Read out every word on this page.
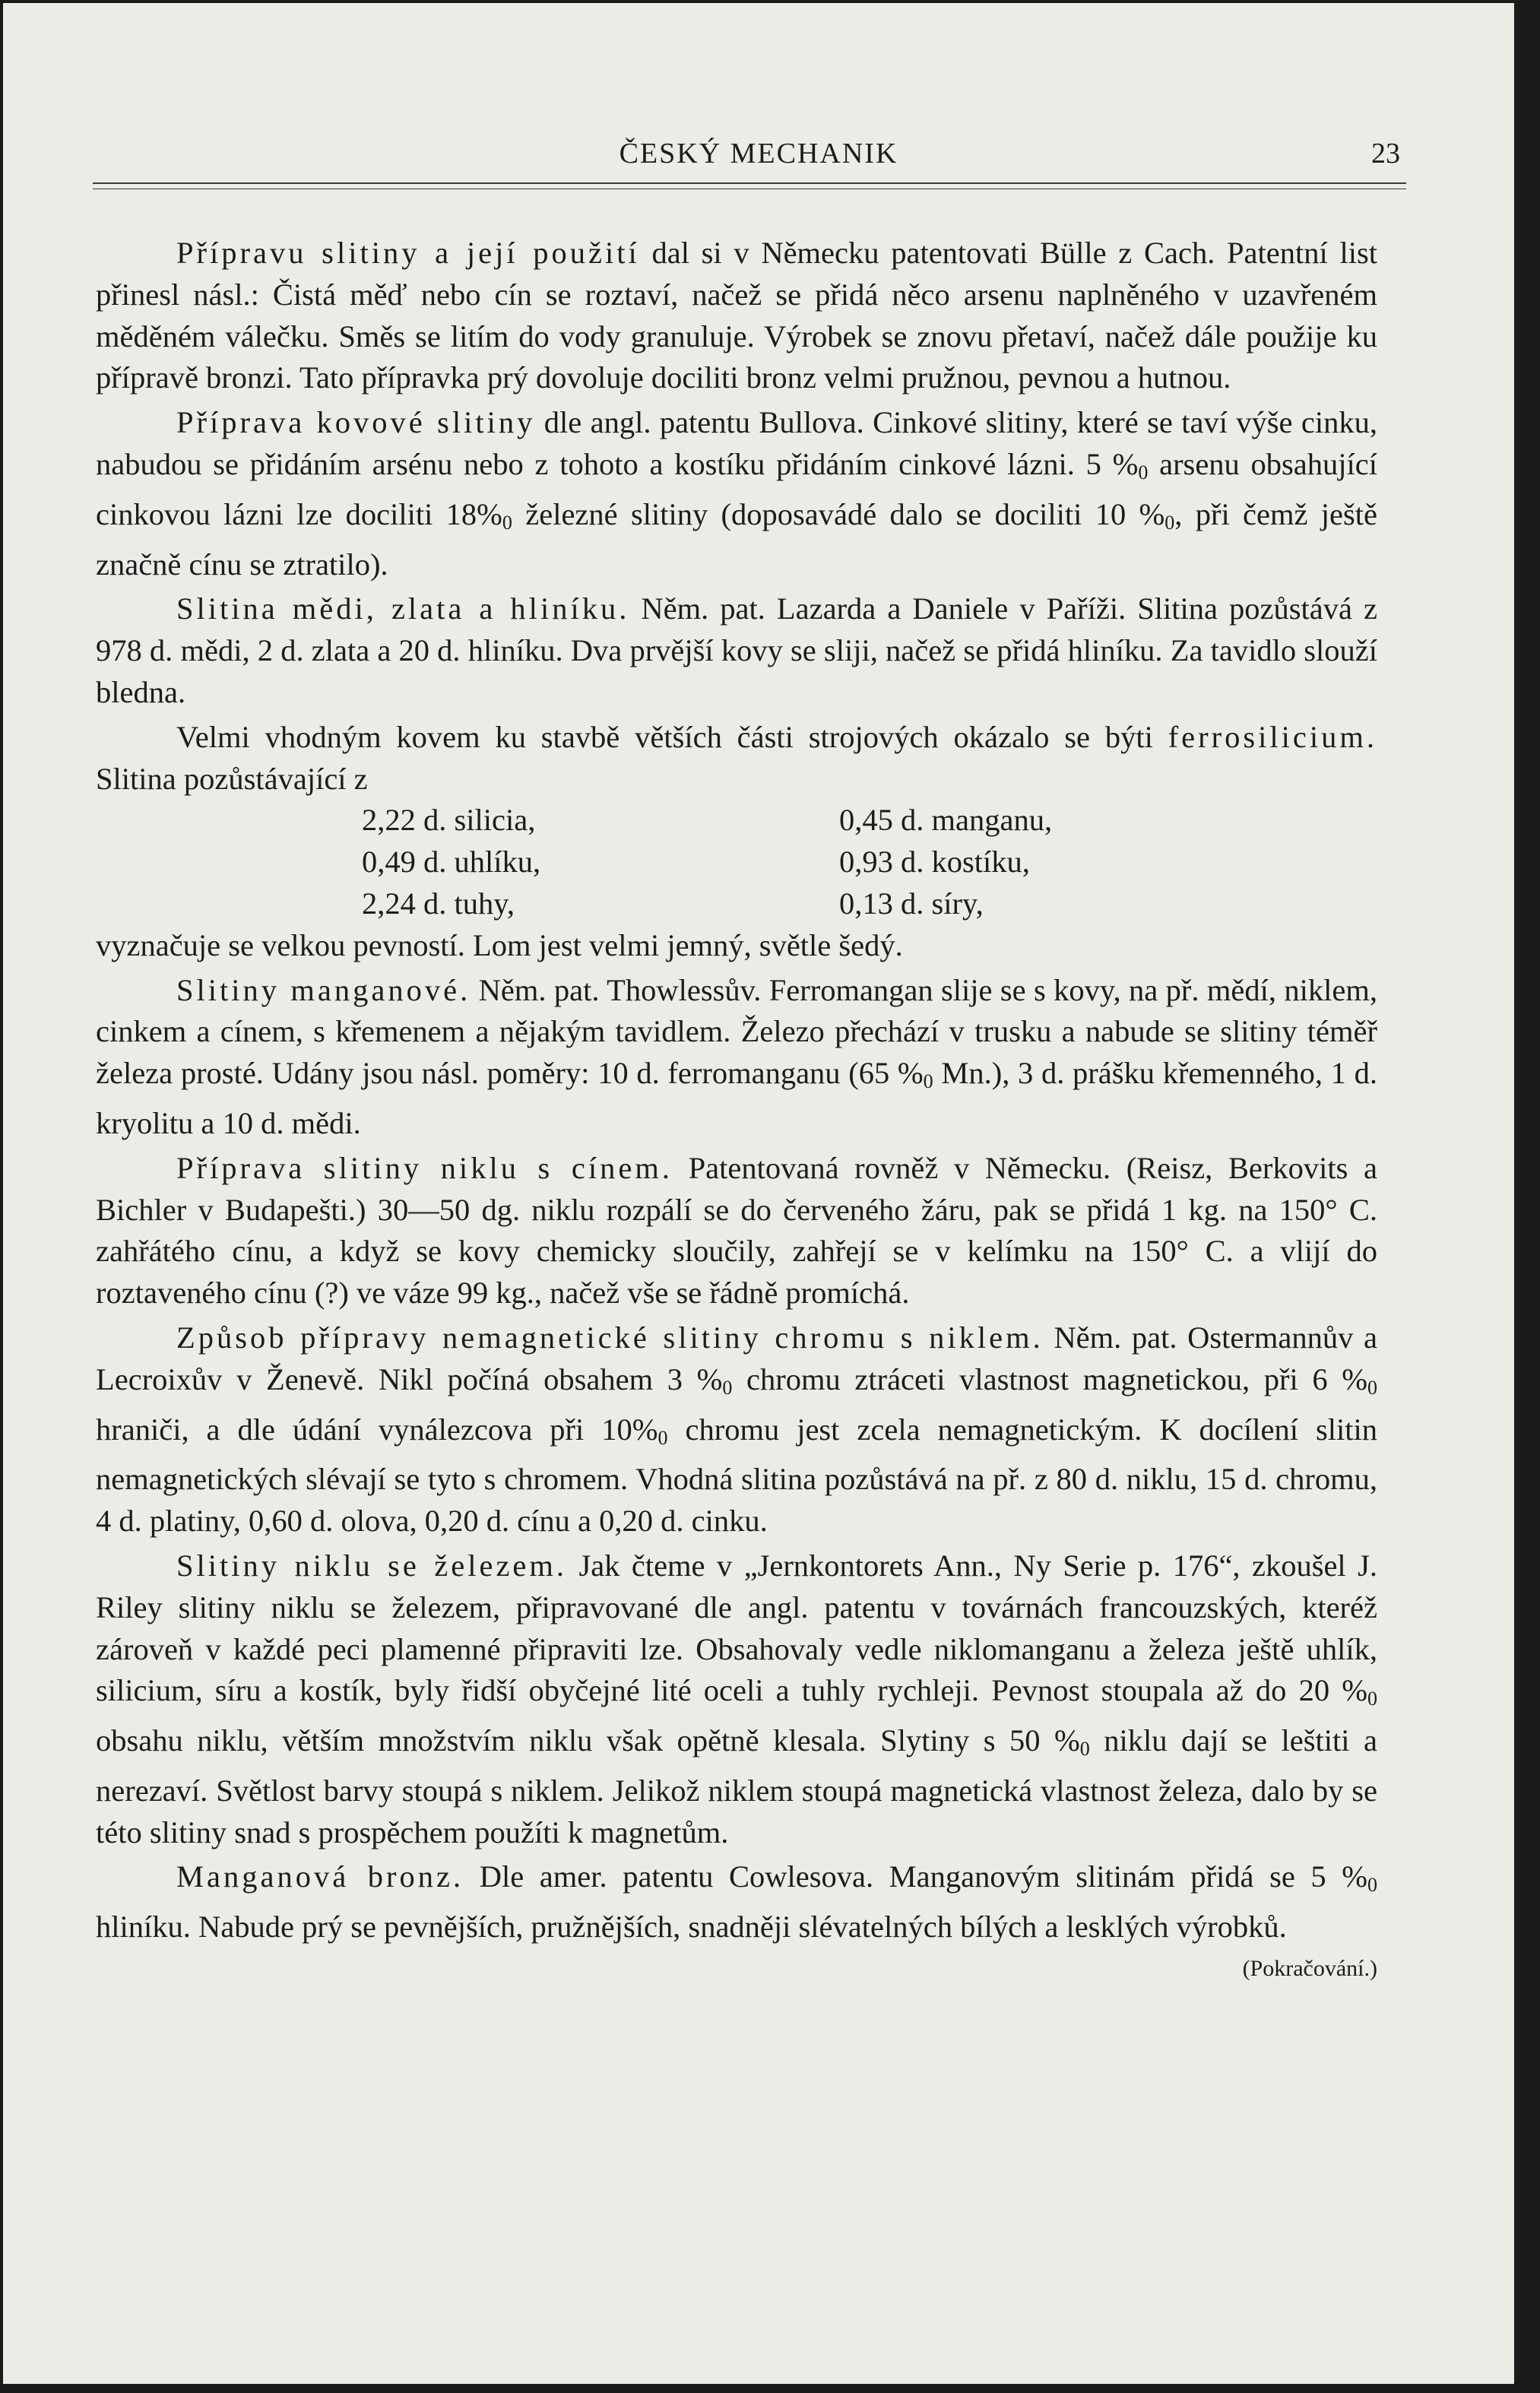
ČESKÝ MECHANIK	23

Přípravu slitiny a její použití dal si v Německu patentovati Bülle z Cach. Patentní list přinesl násl.: Čistá měď nebo cín se roztaví, načež se přidá něco arsenu naplněného v uzavřeném měděném válečku. Směs se litím do vody granuluje. Výrobek se znovu přetaví, načež dále použije ku přípravě bronzi. Tato přípravka prý dovoluje dociliti bronz velmi pružnou, pevnou a hutnou.

Příprava kovové slitiny dle angl. patentu Bullova. Cinkové slitiny, které se taví výše cinku, nabudou se přidáním arsénu nebo z tohoto a kostíku přidáním cinkové lázni. 5 $\%_0$ arsenu obsahující cinkovou lázni lze dociliti $18\%_0$ železné slitiny (doposavádé dalo se dociliti 10 $\%_0$, při čemž ještě značně cínu se ztratilo).

Slitina mědi, zlata a hliníku. Něm. pat. Lazarda a Daniele v Paříži. Slitina pozůstává z 978 d. mědi, 2 d. zlata a 20 d. hliníku. Dva prvější kovy se sliji, načež se přidá hliníku. Za tavidlo slouží bledna.

Velmi vhodným kovem ku stavbě větších části strojových okázalo se býti ferrosilicium. Slitina pozůstávající z

2,22 d. silicia,	0,45 d. manganu,
0,49 d. uhlíku,	0,93 d. kostíku,
2,24 d. tuhy,	0,13 d. síry,

vyznačuje se velkou pevností. Lom jest velmi jemný, světle šedý.

Slitiny manganové. Něm. pat. Thowlessův. Ferromangan slije se s kovy, na př. mědí, niklem, cinkem a cínem, s křemenem a nějakým tavidlem. Železo přechází v trusku a nabude se slitiny téměř železa prosté. Udány jsou násl. poměry: 10 d. ferromanganu (65 $\%_0$ Mn.), 3 d. prášku křemenného, 1 d. kryolitu a 10 d. mědi.

Příprava slitiny niklu s cínem. Patentovaná rovněž v Německu. (Reisz, Berkovits a Bichler v Budapešti.) 30—50 dg. niklu rozpálí se do červeného žáru, pak se přidá 1 kg. na 150° C. zahřátého cínu, a když se kovy chemicky sloučily, zahřejí se v kelímku na 150° C. a vlijí do roztaveného cínu (?) ve váze 99 kg., načež vše se řádně promíchá.

Způsob přípravy nemagnetické slitiny chromu s niklem. Něm. pat. Ostermannův a Lecroixův v Ženevě. Nikl počíná obsahem 3 $\%_0$ chromu ztráceti vlastnost magnetickou, při 6 $\%_0$ hraniči, a dle údání vynálezcova při $10\%_0$ chromu jest zcela nemagnetickým. K docílení slitin nemagnetických slévají se tyto s chromem. Vhodná slitina pozůstává na př. z 80 d. niklu, 15 d. chromu, 4 d. platiny, 0,60 d. olova, 0,20 d. cínu a 0,20 d. cinku.

Slitiny niklu se železem. Jak čteme v „Jernkontorets Ann., Ny Serie p. 176“, zkoušel J. Riley slitiny niklu se železem, připravované dle angl. patentu v továrnách francouzských, kteréž zároveň v každé peci plamenné připraviti lze. Obsahovaly vedle niklomanganu a železa ještě uhlík, silicium, síru a kostík, byly řidší obyčejné lité oceli a tuhly rychleji. Pevnost stoupala až do 20 $\%_0$ obsahu niklu, větším množstvím niklu však opětně klesala. Slytiny s 50 $\%_0$ niklu dají se leštiti a nerezaví. Světlost barvy stoupá s niklem. Jelikož niklem stoupá magnetická vlastnost železa, dalo by se této slitiny snad s prospěchem použíti k magnetům.

Manganová bronz. Dle amer. patentu Cowlesova. Manganovým slitinám přidá se 5 $\%_0$ hliníku. Nabude prý se pevnějších, pružnějších, snadněji slévatelných bílých a lesklých výrobků.
(Pokračování.)
